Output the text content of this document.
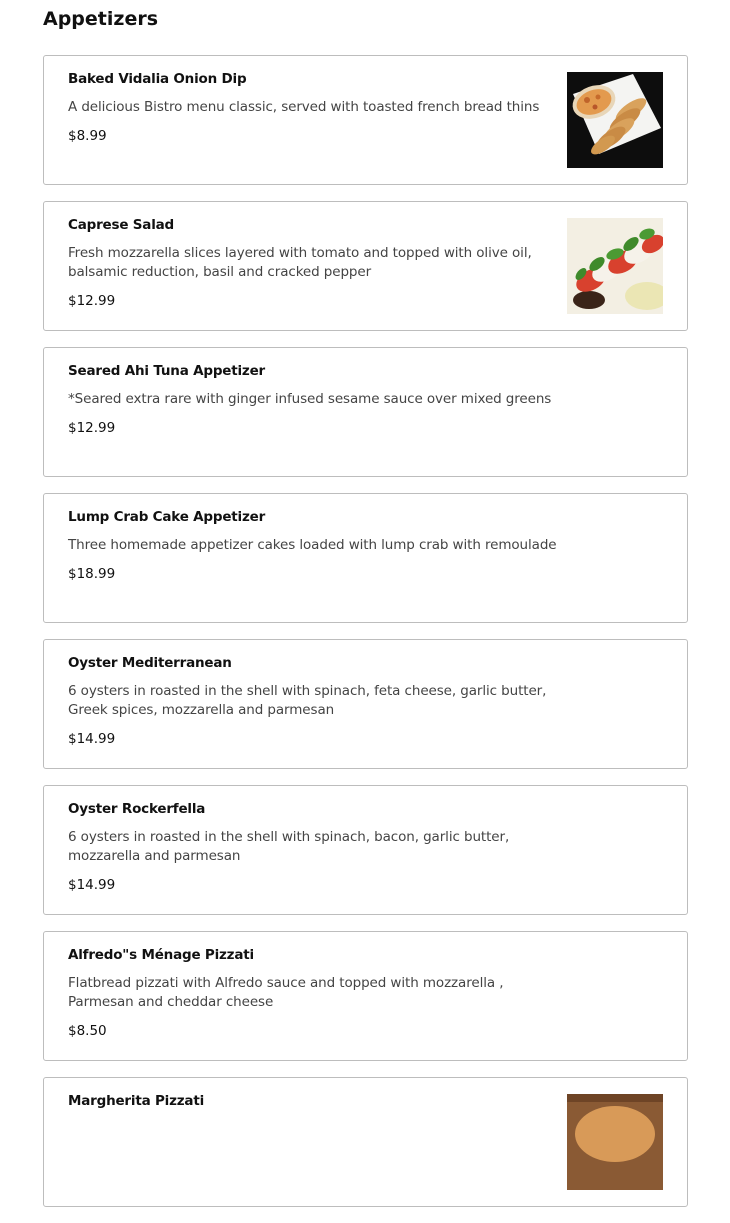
Appetizers
Baked Vidalia Onion Dip
A delicious Bistro menu classic, served with toasted french bread thins
$8.99
Caprese Salad
Fresh mozzarella slices layered with tomato and topped with olive oil, balsamic reduction, basil and cracked pepper
$12.99
Seared Ahi Tuna Appetizer
*Seared extra rare with ginger infused sesame sauce over mixed greens
$12.99
Lump Crab Cake Appetizer
Three homemade appetizer cakes loaded with lump crab with remoulade
$18.99
Oyster Mediterranean
6 oysters in roasted in the shell with spinach, feta cheese, garlic butter, Greek spices, mozzarella and parmesan
$14.99
Oyster Rockerfella
6 oysters in roasted in the shell with spinach, bacon, garlic butter, mozzarella and parmesan
$14.99
Alfredo"s Ménage Pizzati
Flatbread pizzati with Alfredo sauce and topped with mozzarella , Parmesan and cheddar cheese
$8.50
Margherita Pizzati
